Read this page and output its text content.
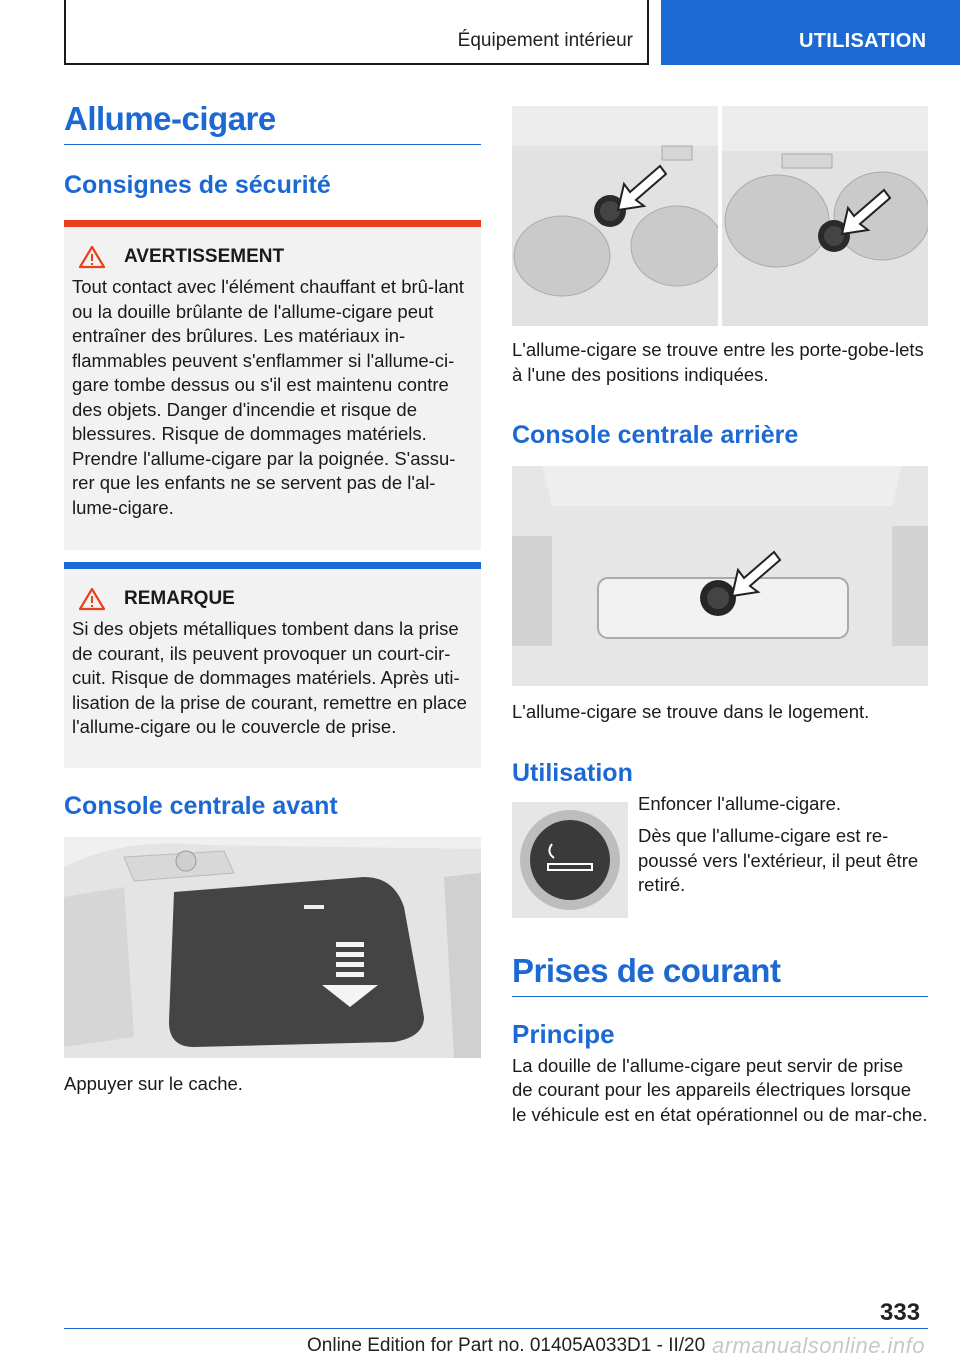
Équipement intérieur	UTILISATION
Allume-cigare
Consignes de sécurité
AVERTISSEMENT
Tout contact avec l'élément chauffant et brû-lant ou la douille brûlante de l'allume-cigare peut entraîner des brûlures. Les matériaux in-flammables peuvent s'enflammer si l'allume-ci-gare tombe dessus ou s'il est maintenu contre des objets. Danger d'incendie et risque de blessures. Risque de dommages matériels. Prendre l'allume-cigare par la poignée. S'assu-rer que les enfants ne se servent pas de l'al-lume-cigare.
REMARQUE
Si des objets métalliques tombent dans la prise de courant, ils peuvent provoquer un court-cir-cuit. Risque de dommages matériels. Après uti-lisation de la prise de courant, remettre en place l'allume-cigare ou le couvercle de prise.
Console centrale avant
Appuyer sur le cache.
L'allume-cigare se trouve entre les porte-gobe-lets à l'une des positions indiquées.
Console centrale arrière
L'allume-cigare se trouve dans le logement.
Utilisation
Enfoncer l'allume-cigare.
Dès que l'allume-cigare est re-poussé vers l'extérieur, il peut être retiré.
Prises de courant
Principe
La douille de l'allume-cigare peut servir de prise de courant pour les appareils électriques lorsque le véhicule est en état opérationnel ou de mar-che.
333
Online Edition for Part no. 01405A033D1 - II/20 armanualsonline.info
